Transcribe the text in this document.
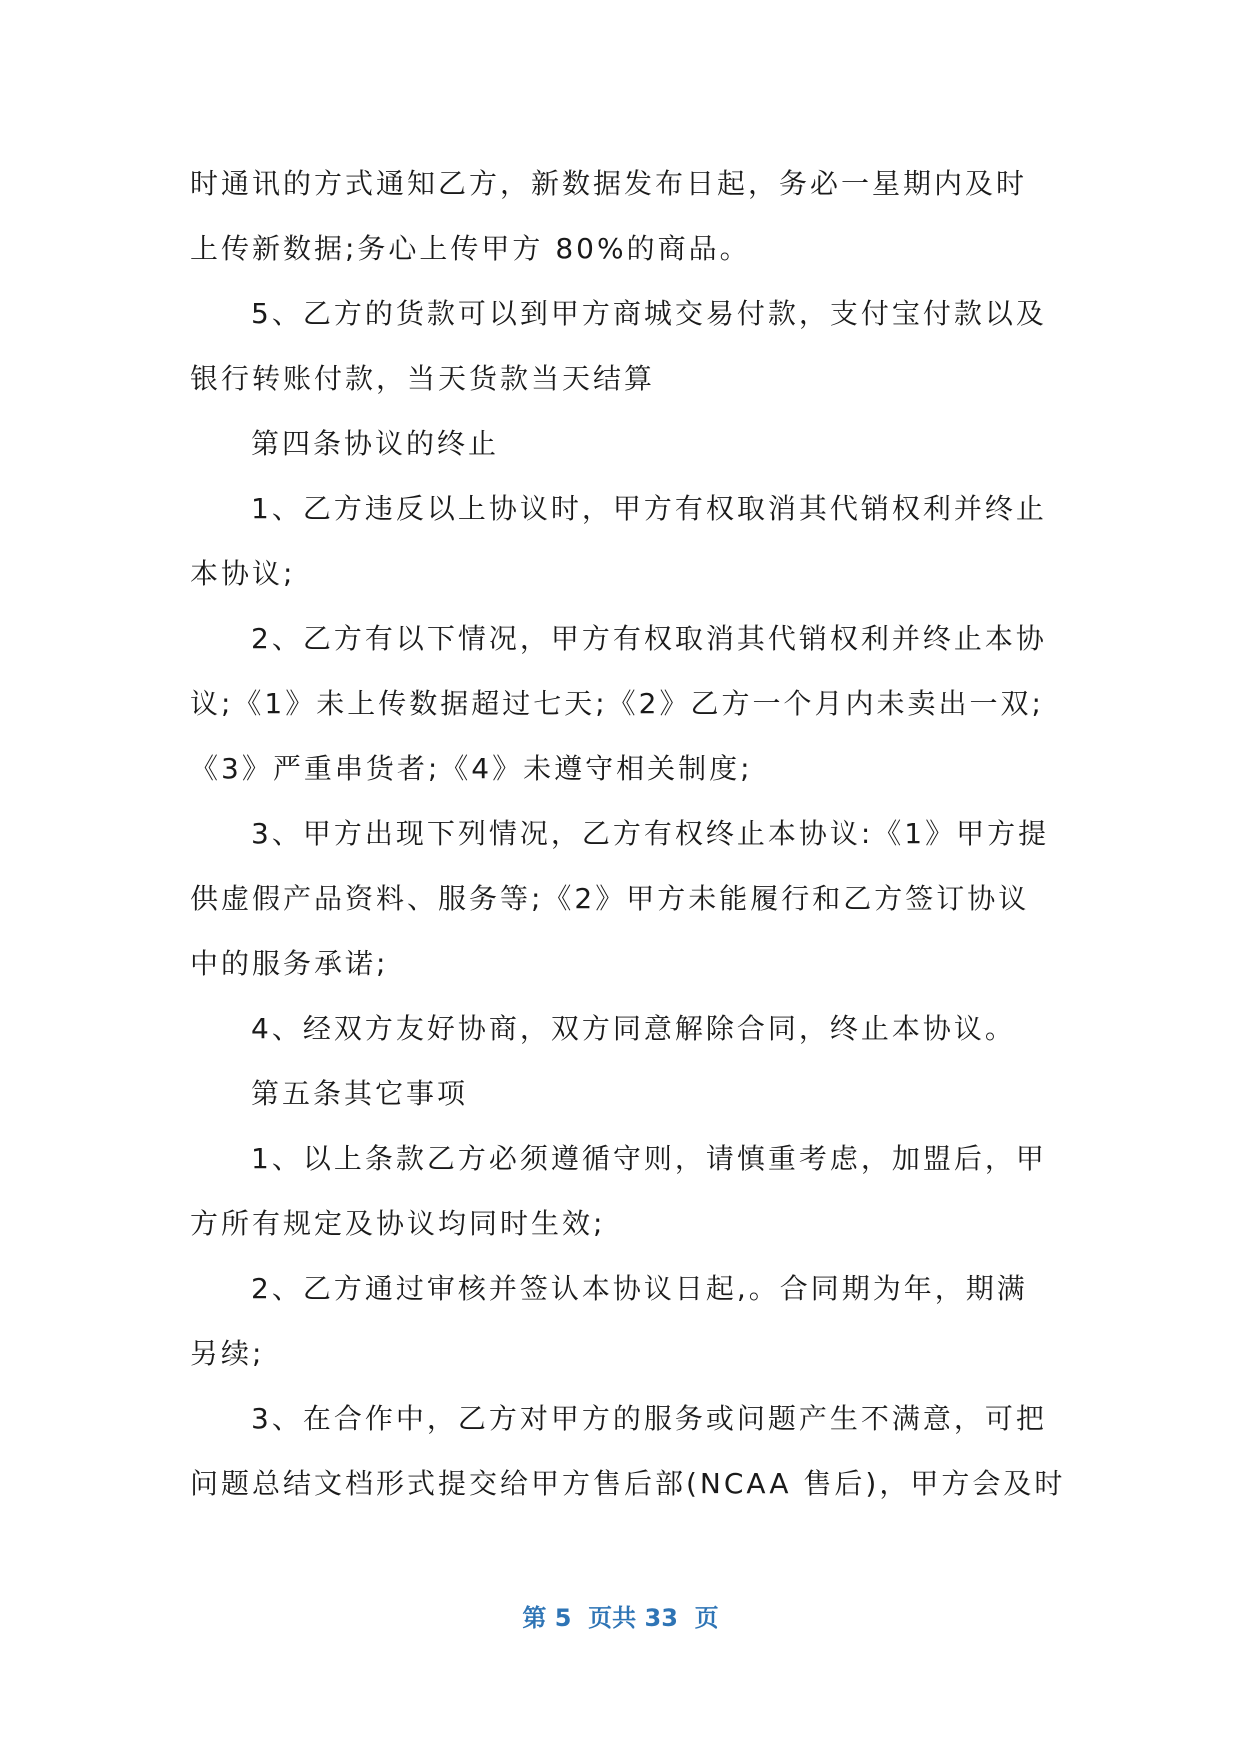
时通讯的方式通知乙方，新数据发布日起，务必一星期内及时
上传新数据;务心上传甲方 80%的商品。
5、乙方的货款可以到甲方商城交易付款，支付宝付款以及
银行转账付款，当天货款当天结算
第四条协议的终止
1、乙方违反以上协议时，甲方有权取消其代销权利并终止
本协议;
2、乙方有以下情况，甲方有权取消其代销权利并终止本协
议;《1》未上传数据超过七天;《2》乙方一个月内未卖出一双;
《3》严重串货者;《4》未遵守相关制度;
3、甲方出现下列情况，乙方有权终止本协议:《1》甲方提
供虚假产品资料、服务等;《2》甲方未能履行和乙方签订协议
中的服务承诺;
4、经双方友好协商，双方同意解除合同，终止本协议。
第五条其它事项
1、以上条款乙方必须遵循守则，请慎重考虑，加盟后，甲
方所有规定及协议均同时生效;
2、乙方通过审核并签认本协议日起,。合同期为年，期满
另续;
3、在合作中，乙方对甲方的服务或问题产生不满意，可把
问题总结文档形式提交给甲方售后部(NCAA 售后)，甲方会及时
第 5  页共 33  页
